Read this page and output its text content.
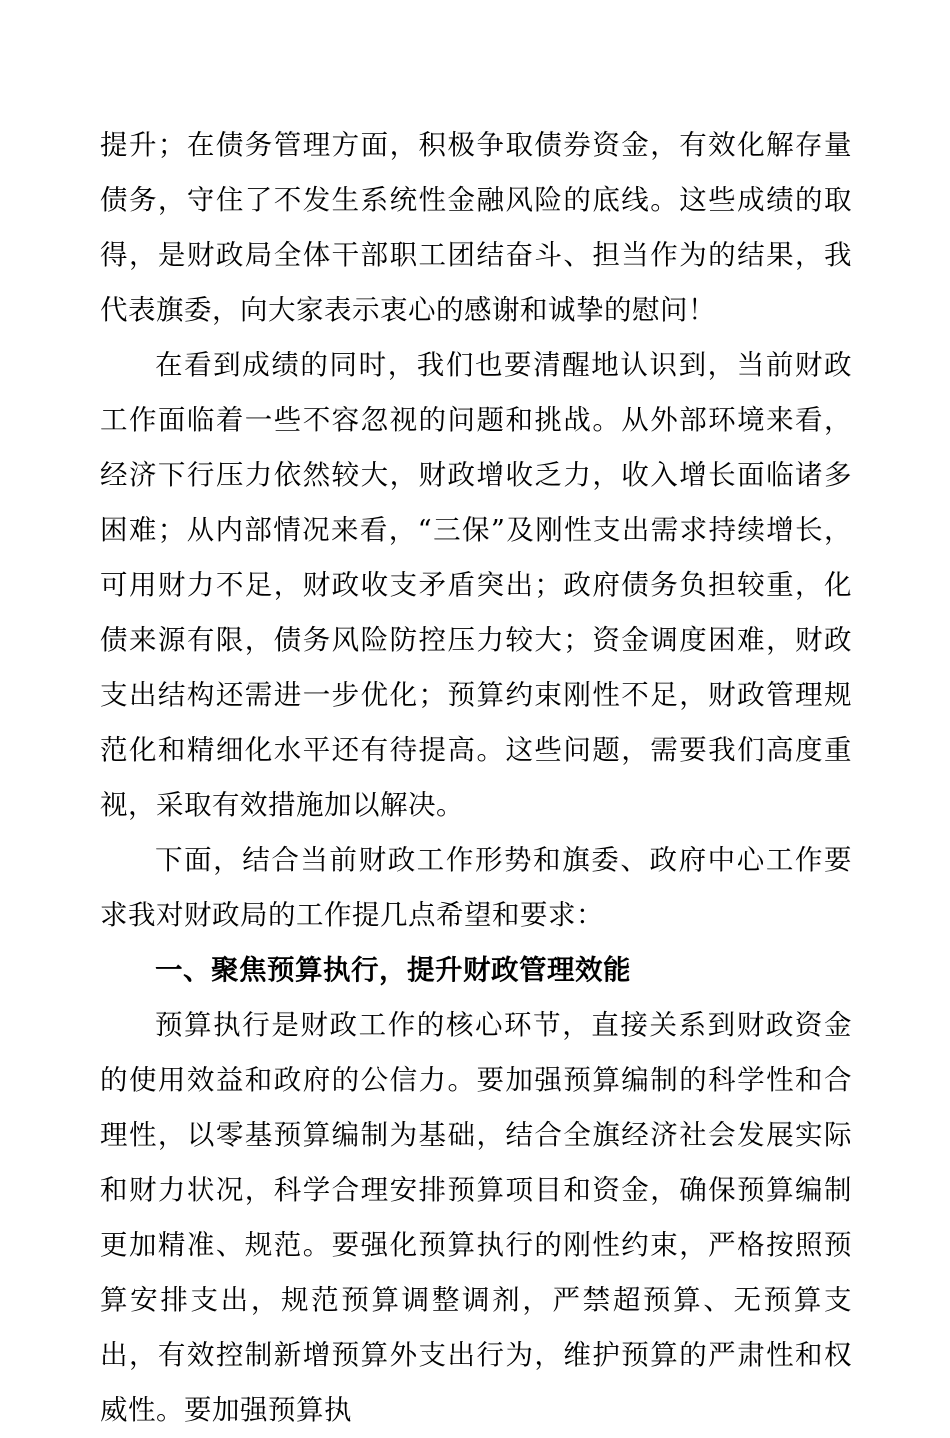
提升；在债务管理方面，积极争取债券资金，有效化解存量债务，守住了不发生系统性金融风险的底线。这些成绩的取得，是财政局全体干部职工团结奋斗、担当作为的结果，我代表旗委，向大家表示衷心的感谢和诚挚的慰问！

在看到成绩的同时，我们也要清醒地认识到，当前财政工作面临着一些不容忽视的问题和挑战。从外部环境来看，经济下行压力依然较大，财政增收乏力，收入增长面临诸多困难；从内部情况来看，“三保”及刚性支出需求持续增长，可用财力不足，财政收支矛盾突出；政府债务负担较重，化债来源有限，债务风险防控压力较大；资金调度困难，财政支出结构还需进一步优化；预算约束刚性不足，财政管理规范化和精细化水平还有待提高。这些问题，需要我们高度重视，采取有效措施加以解决。

下面，结合当前财政工作形势和旗委、政府中心工作要求我对财政局的工作提几点希望和要求：

一、聚焦预算执行，提升财政管理效能

预算执行是财政工作的核心环节，直接关系到财政资金的使用效益和政府的公信力。要加强预算编制的科学性和合理性，以零基预算编制为基础，结合全旗经济社会发展实际和财力状况，科学合理安排预算项目和资金，确保预算编制更加精准、规范。要强化预算执行的刚性约束，严格按照预算安排支出，规范预算调整调剂，严禁超预算、无预算支出，有效控制新增预算外支出行为，维护预算的严肃性和权威性。要加强预算执
